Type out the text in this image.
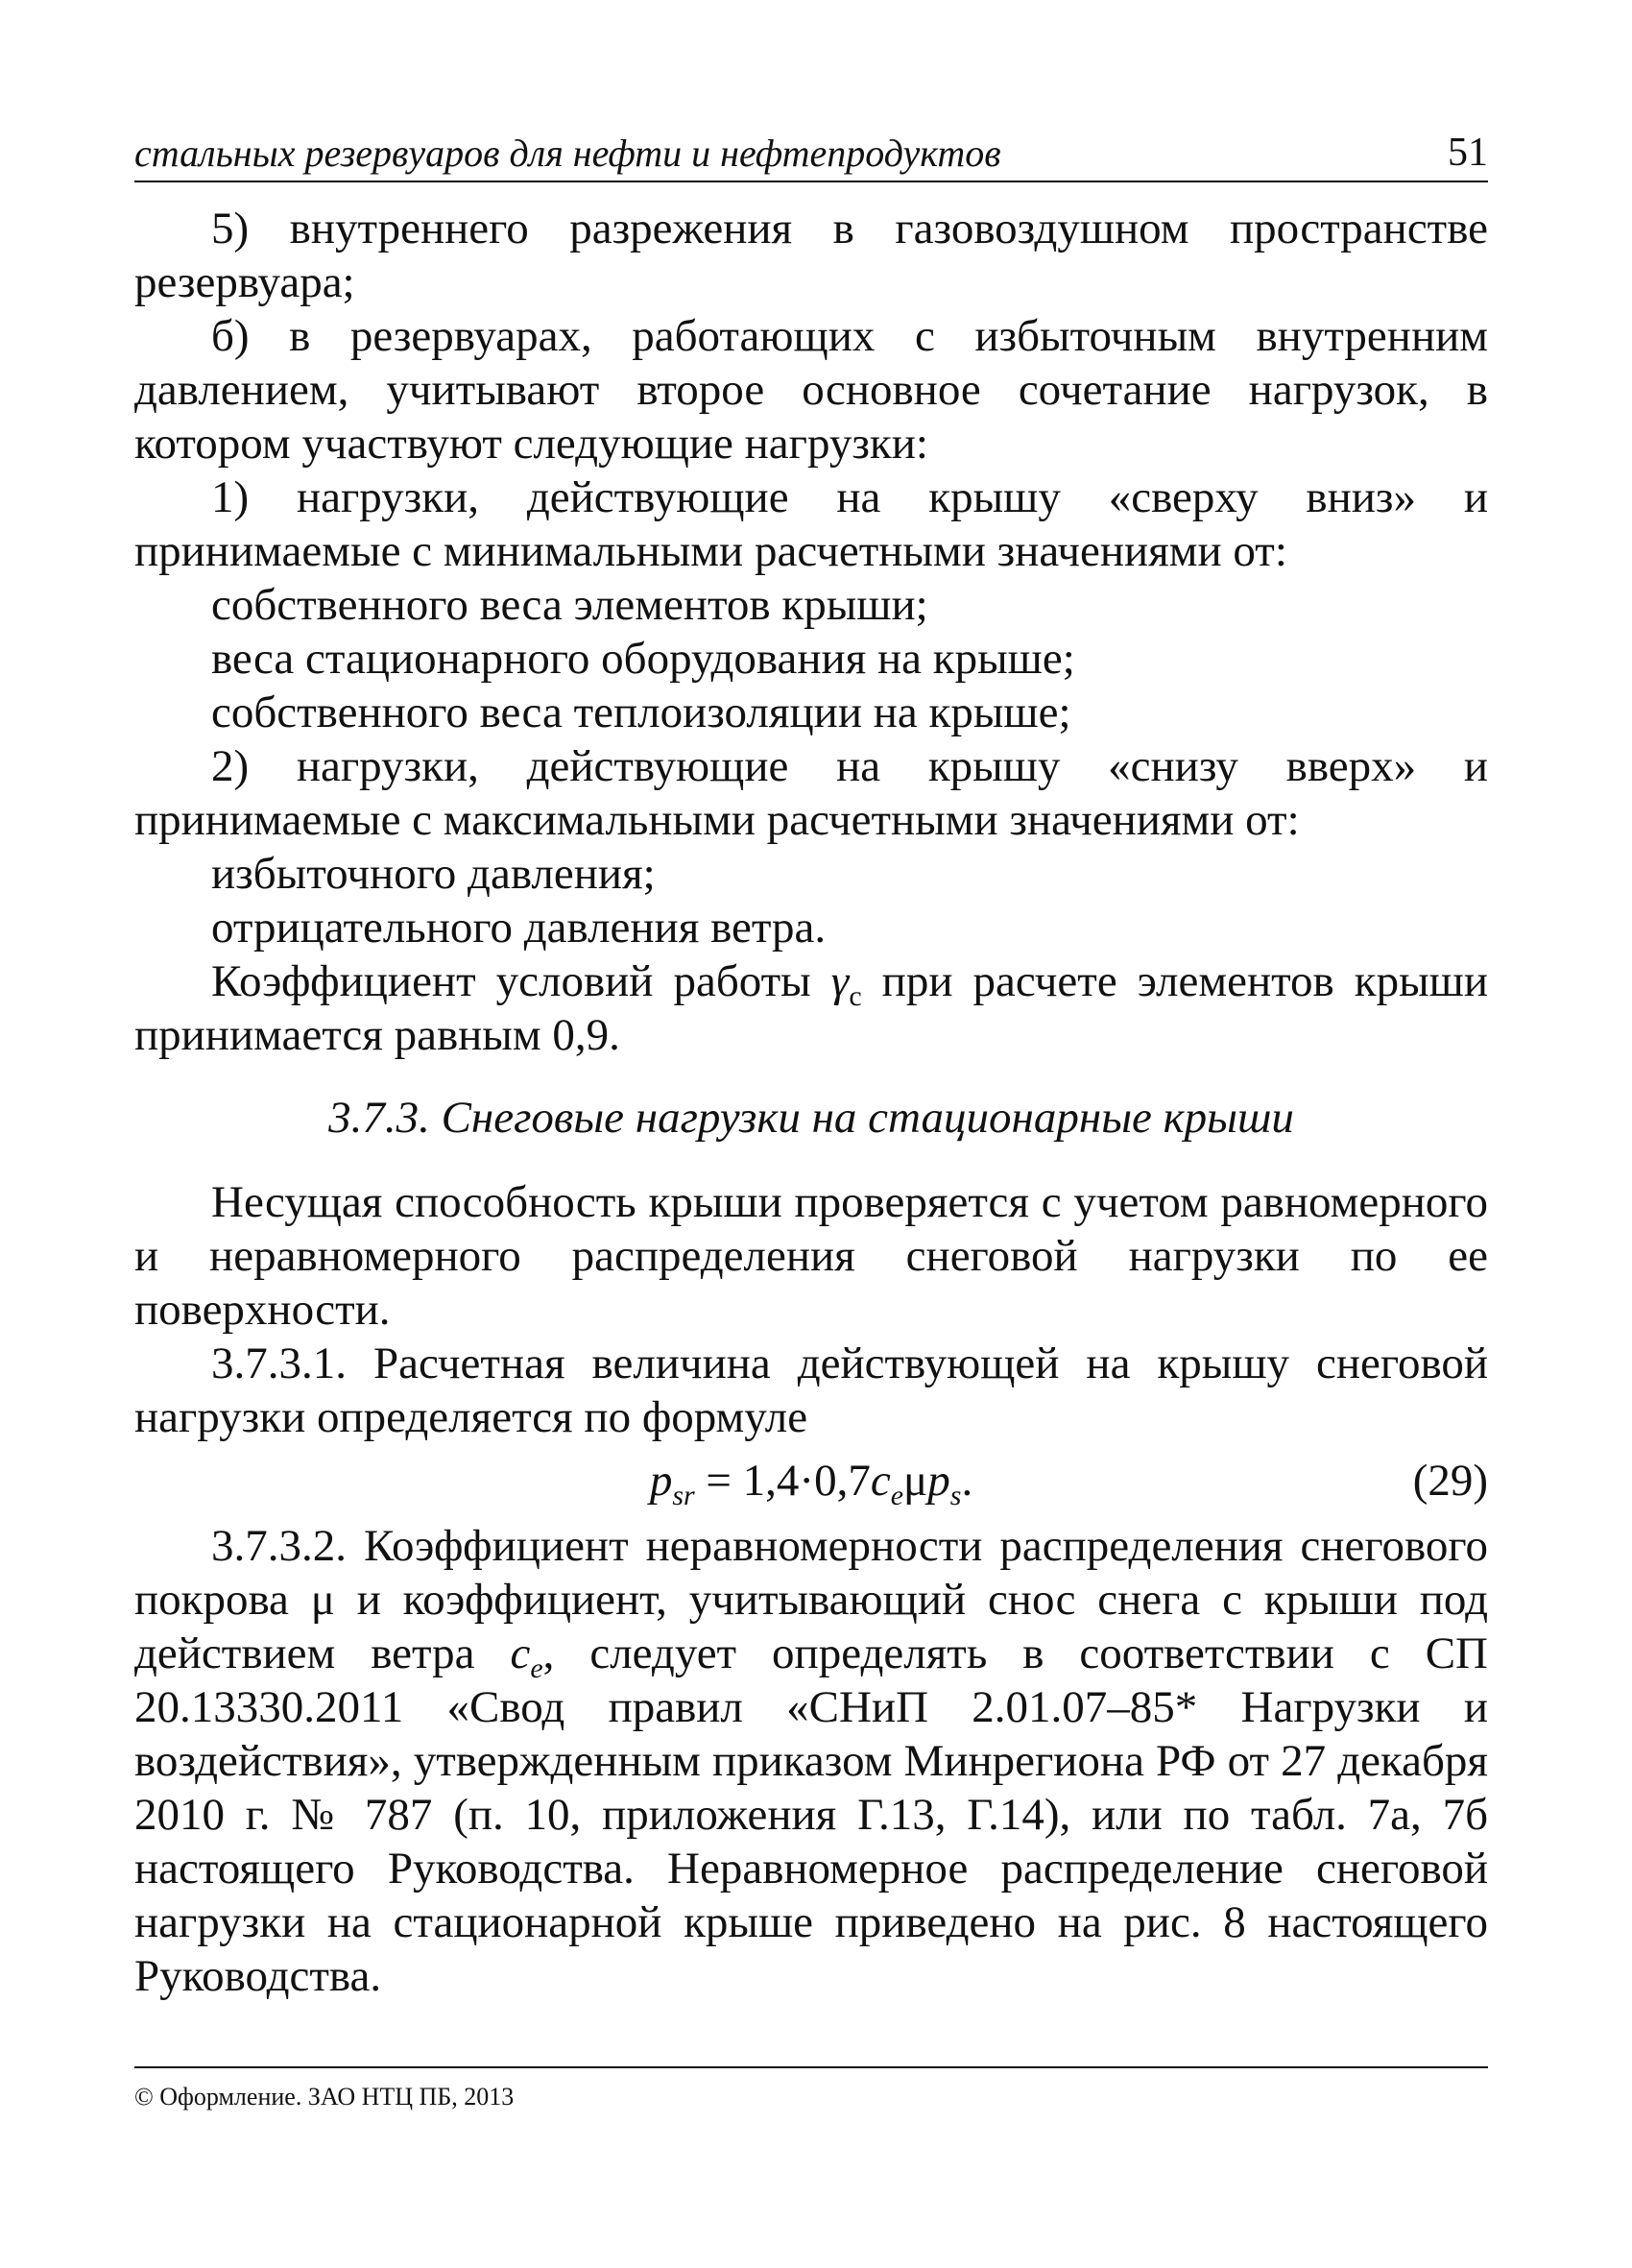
стальных резервуаров для нефти и нефтепродуктов	51

5) внутреннего разрежения в газовоздушном пространстве резервуара;

б) в резервуарах, работающих с избыточным внутренним давлением, учитывают второе основное сочетание нагрузок, в котором участвуют следующие нагрузки:

1) нагрузки, действующие на крышу «сверху вниз» и принимаемые с минимальными расчетными значениями от:

собственного веса элементов крыши;

веса стационарного оборудования на крыше;

собственного веса теплоизоляции на крыше;

2) нагрузки, действующие на крышу «снизу вверх» и принимаемые с максимальными расчетными значениями от:

избыточного давления;

отрицательного давления ветра.

Коэффициент условий работы $\gamma_c$ при расчете элементов крыши принимается равным 0,9.

3.7.3. Снеговые нагрузки на стационарные крыши

Несущая способность крыши проверяется с учетом равномерного и неравномерного распределения снеговой нагрузки по ее поверхности.

3.7.3.1. Расчетная величина действующей на крышу снеговой нагрузки определяется по формуле

$p_{sr} = 1,4\cdot 0,7c_e\mu p_s$.	(29)

3.7.3.2. Коэффициент неравномерности распределения снегового покрова μ и коэффициент, учитывающий снос снега с крыши под действием ветра $c_e$, следует определять в соответствии с СП 20.13330.2011 «Свод правил «СНиП 2.01.07–85* Нагрузки и воздействия», утвержденным приказом Минрегиона РФ от 27 декабря 2010 г. № 787 (п. 10, приложения Г.13, Г.14), или по табл. 7а, 7б настоящего Руководства. Неравномерное распределение снеговой нагрузки на стационарной крыше приведено на рис. 8 настоящего Руководства.

© Оформление. ЗАО НТЦ ПБ, 2013
